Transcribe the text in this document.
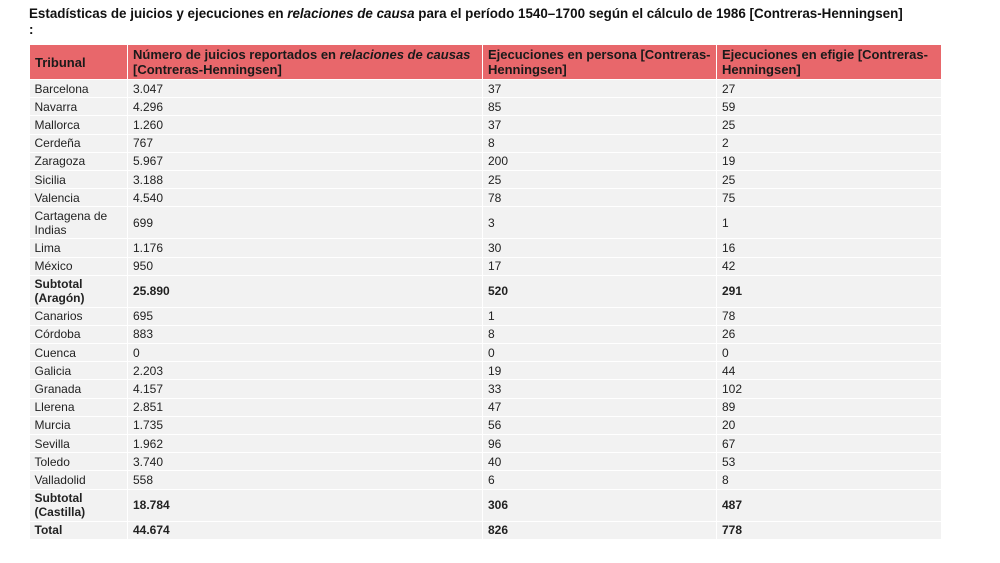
Estadísticas de juicios y ejecuciones en relaciones de causa para el período 1540–1700 según el cálculo de 1986 [Contreras-Henningsen]
:
Tribunal	Número de juicios reportados en relaciones de causas [Contreras-Henningsen]	Ejecuciones en persona [Contreras-Henningsen]	Ejecuciones en efigie [Contreras-Henningsen]
Barcelona	3.047	37	27
Navarra	4.296	85	59
Mallorca	1.260	37	25
Cerdeña	767	8	2
Zaragoza	5.967	200	19
Sicilia	3.188	25	25
Valencia	4.540	78	75
Cartagena de Indias	699	3	1
Lima	1.176	30	16
México	950	17	42
Subtotal (Aragón)	25.890	520	291
Canarios	695	1	78
Córdoba	883	8	26
Cuenca	0	0	0
Galicia	2.203	19	44
Granada	4.157	33	102
Llerena	2.851	47	89
Murcia	1.735	56	20
Sevilla	1.962	96	67
Toledo	3.740	40	53
Valladolid	558	6	8
Subtotal (Castilla)	18.784	306	487
Total	44.674	826	778
